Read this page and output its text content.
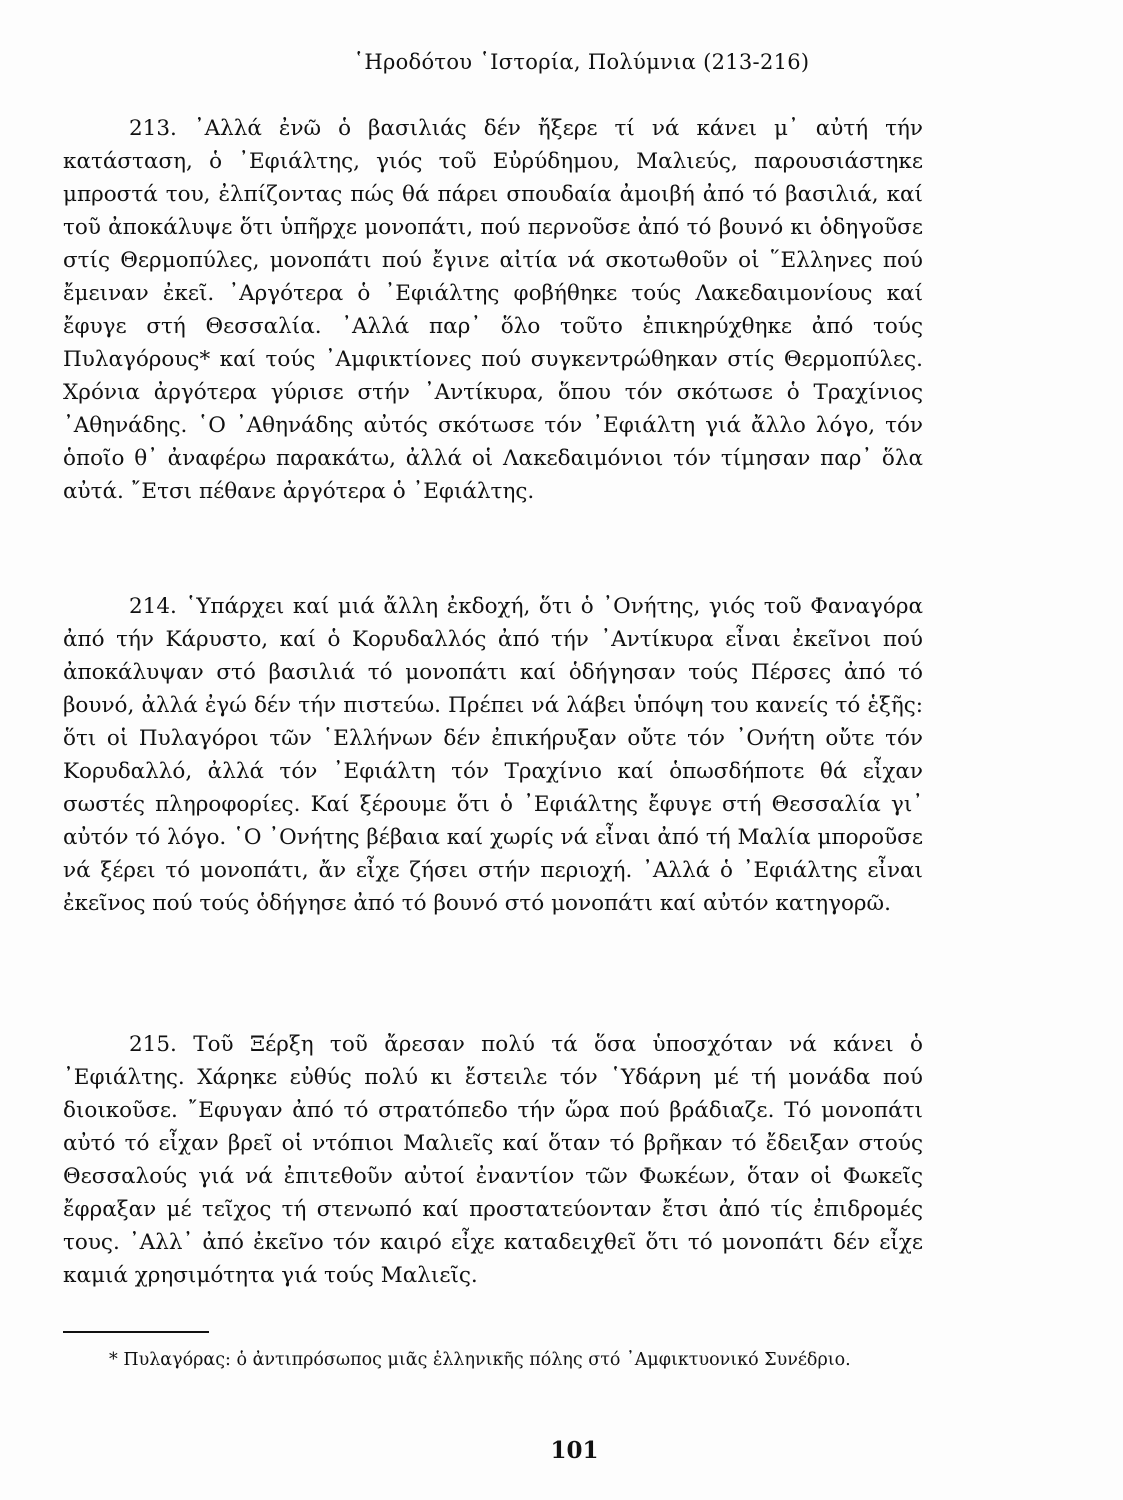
῾Ηροδότου ῾Ιστορία, Πολύμνια (213-216)

213. ᾿Αλλά ἐνῶ ὁ βασιλιάς δέν ἤξερε τί νά κάνει μ᾿ αὐτή τήν κατάσταση, ὁ ᾿Εφιάλτης, γιός τοῦ Εὐρύδημου, Μαλιεύς, παρουσιάστηκε μπροστά του, ἐλπίζοντας πώς θά πάρει σπουδαία ἀμοιβή ἀπό τό βασιλιά, καί τοῦ ἀποκάλυψε ὅτι ὑπῆρχε μονοπάτι, πού περνοῦσε ἀπό τό βουνό κι ὁδηγοῦσε στίς Θερμοπύλες, μονοπάτι πού ἔγινε αἰτία νά σκοτωθοῦν οἱ ῞Ελληνες πού ἔμειναν ἐκεῖ. ᾿Αργότερα ὁ ᾿Εφιάλτης φοβήθηκε τούς Λακεδαιμονίους καί ἔφυγε στή Θεσσαλία. ᾿Αλλά παρ᾿ ὅλο τοῦτο ἐπικηρύχθηκε ἀπό τούς Πυλαγόρους* καί τούς ᾿Αμφικτίονες πού συγκεντρώθηκαν στίς Θερμοπύλες. Χρόνια ἀργότερα γύρισε στήν ᾿Αντίκυρα, ὅπου τόν σκότωσε ὁ Τραχίνιος ᾿Αθηνάδης. ῾Ο ᾿Αθηνάδης αὐτός σκότωσε τόν ᾿Εφιάλτη γιά ἄλλο λόγο, τόν ὁποῖο θ᾿ ἀναφέρω παρακάτω, ἀλλά οἱ Λακεδαιμόνιοι τόν τίμησαν παρ᾿ ὅλα αὐτά. ῎Ετσι πέθανε ἀργότερα ὁ ᾿Εφιάλτης.

214. ῾Υπάρχει καί μιά ἄλλη ἐκδοχή, ὅτι ὁ ᾿Ονήτης, γιός τοῦ Φαναγόρα ἀπό τήν Κάρυστο, καί ὁ Κορυδαλλός ἀπό τήν ᾿Αντίκυρα εἶναι ἐκεῖνοι πού ἀποκάλυψαν στό βασιλιά τό μονοπάτι καί ὁδήγησαν τούς Πέρσες ἀπό τό βουνό, ἀλλά ἐγώ δέν τήν πιστεύω. Πρέπει νά λάβει ὑπόψη του κανείς τό ἑξῆς: ὅτι οἱ Πυλαγόροι τῶν ῾Ελλήνων δέν ἐπικήρυξαν οὔτε τόν ᾿Ονήτη οὔτε τόν Κορυδαλλό, ἀλλά τόν ᾿Εφιάλτη τόν Τραχίνιο καί ὁπωσδήποτε θά εἶχαν σωστές πληροφορίες. Καί ξέρουμε ὅτι ὁ ᾿Εφιάλτης ἔφυγε στή Θεσσαλία γι᾿ αὐτόν τό λόγο. ῾Ο ᾿Ονήτης βέβαια καί χωρίς νά εἶναι ἀπό τή Μαλία μποροῦσε νά ξέρει τό μονοπάτι, ἄν εἶχε ζήσει στήν περιοχή. ᾿Αλλά ὁ ᾿Εφιάλτης εἶναι ἐκεῖνος πού τούς ὁδήγησε ἀπό τό βουνό στό μονοπάτι καί αὐτόν κατηγορῶ.

215. Τοῦ Ξέρξη τοῦ ἄρεσαν πολύ τά ὅσα ὑποσχόταν νά κάνει ὁ ᾿Εφιάλτης. Χάρηκε εὐθύς πολύ κι ἔστειλε τόν ῾Υδάρνη μέ τή μονάδα πού διοικοῦσε. ῎Εφυγαν ἀπό τό στρατόπεδο τήν ὥρα πού βράδιαζε. Τό μονοπάτι αὐτό τό εἶχαν βρεῖ οἱ ντόπιοι Μαλιεῖς καί ὅταν τό βρῆκαν τό ἔδειξαν στούς Θεσσαλούς γιά νά ἐπιτεθοῦν αὐτοί ἐναντίον τῶν Φωκέων, ὅταν οἱ Φωκεῖς ἔφραξαν μέ τεῖχος τή στενωπό καί προστατεύονταν ἔτσι ἀπό τίς ἐπιδρομές τους. ᾿Αλλ᾿ ἀπό ἐκεῖνο τόν καιρό εἶχε καταδειχθεῖ ὅτι τό μονοπάτι δέν εἶχε καμιά χρησιμότητα γιά τούς Μαλιεῖς.

* Πυλαγόρας: ὁ ἀντιπρόσωπος μιᾶς ἑλληνικῆς πόλης στό ᾿Αμφικτυονικό Συνέδριο.

101
